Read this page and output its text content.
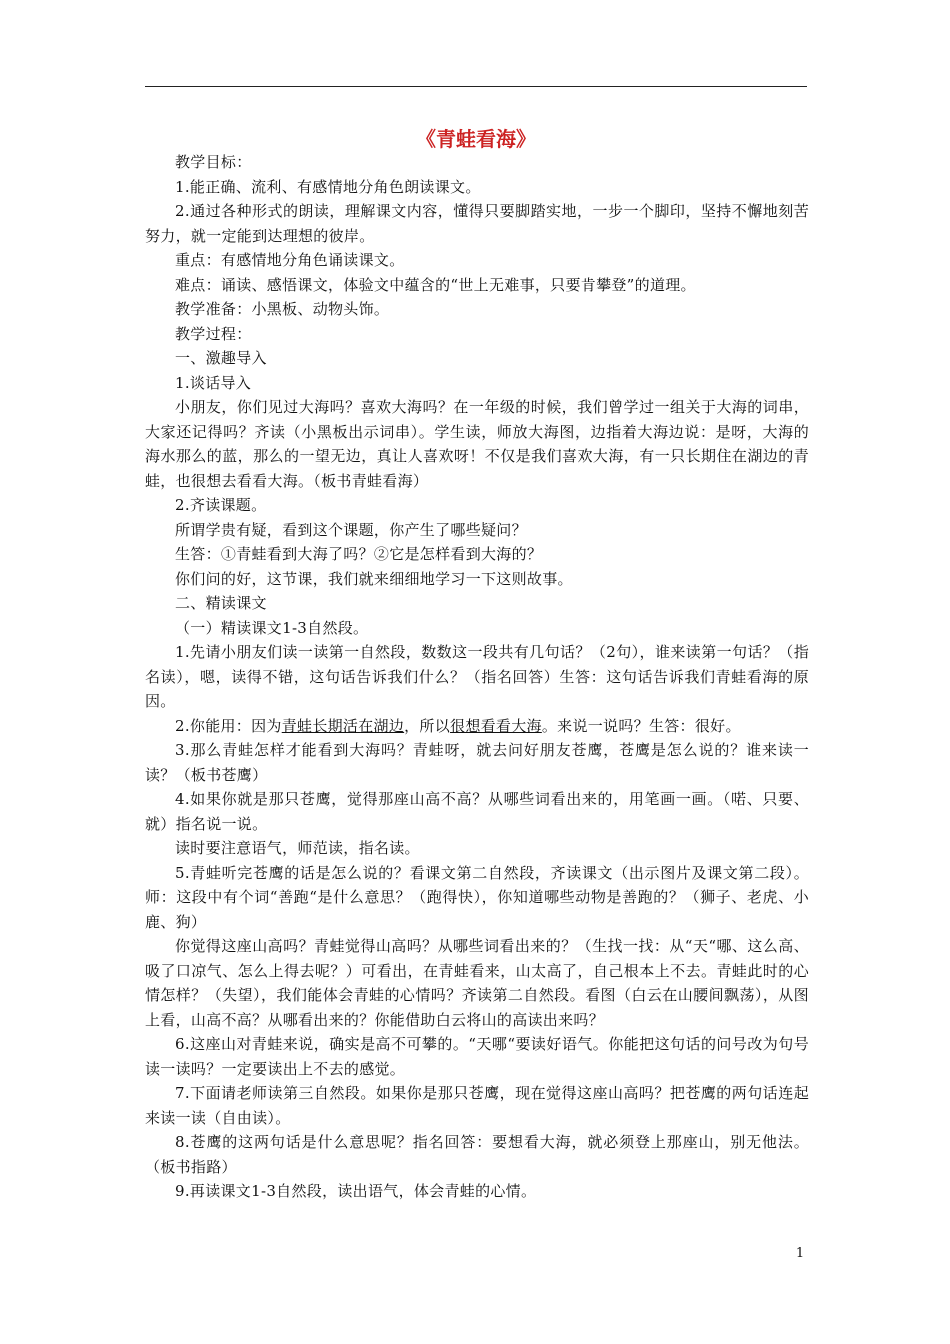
《青蛙看海》

教学目标：

1.能正确、流利、有感情地分角色朗读课文。

2.通过各种形式的朗读，理解课文内容，懂得只要脚踏实地，一步一个脚印，坚持不懈地刻苦努力，就一定能到达理想的彼岸。

重点：有感情地分角色诵读课文。

难点：诵读、感悟课文，体验文中蕴含的“世上无难事，只要肯攀登”的道理。

教学准备：小黑板、动物头饰。

教学过程：

一、激趣导入

1.谈话导入

小朋友，你们见过大海吗？喜欢大海吗？在一年级的时候，我们曾学过一组关于大海的词串，大家还记得吗？齐读（小黑板出示词串）。学生读，师放大海图，边指着大海边说：是呀，大海的海水那么的蓝，那么的一望无边，真让人喜欢呀！不仅是我们喜欢大海，有一只长期住在湖边的青蛙，也很想去看看大海。（板书青蛙看海）

2.齐读课题。

所谓学贵有疑，看到这个课题，你产生了哪些疑问？

生答：①青蛙看到大海了吗？②它是怎样看到大海的？

你们问的好，这节课，我们就来细细地学习一下这则故事。

二、精读课文

（一）精读课文1-3自然段。

1.先请小朋友们读一读第一自然段，数数这一段共有几句话？（2句），谁来读第一句话？（指名读），嗯，读得不错，这句话告诉我们什么？（指名回答）生答：这句话告诉我们青蛙看海的原因。

2.你能用：因为青蛙长期活在湖边，所以很想看看大海。来说一说吗？生答：很好。

3.那么青蛙怎样才能看到大海吗？青蛙呀，就去问好朋友苍鹰，苍鹰是怎么说的？谁来读一读？（板书苍鹰）

4.如果你就是那只苍鹰，觉得那座山高不高？从哪些词看出来的，用笔画一画。（喏、只要、就）指名说一说。

读时要注意语气，师范读，指名读。

5.青蛙听完苍鹰的话是怎么说的？看课文第二自然段，齐读课文（出示图片及课文第二段）。师：这段中有个词“善跑“是什么意思？（跑得快），你知道哪些动物是善跑的？（狮子、老虎、小鹿、狗）

你觉得这座山高吗？青蛙觉得山高吗？从哪些词看出来的？（生找一找：从“天“哪、这么高、吸了口凉气、怎么上得去呢？）可看出，在青蛙看来，山太高了，自己根本上不去。青蛙此时的心情怎样？（失望），我们能体会青蛙的心情吗？齐读第二自然段。看图（白云在山腰间飘荡），从图上看，山高不高？从哪看出来的？你能借助白云将山的高读出来吗？

6.这座山对青蛙来说，确实是高不可攀的。“天哪“要读好语气。你能把这句话的问号改为句号读一读吗？一定要读出上不去的感觉。

7.下面请老师读第三自然段。如果你是那只苍鹰，现在觉得这座山高吗？把苍鹰的两句话连起来读一读（自由读）。

8.苍鹰的这两句话是什么意思呢？指名回答：要想看大海，就必须登上那座山，别无他法。（板书指路）

9.再读课文1-3自然段，读出语气，体会青蛙的心情。

1
